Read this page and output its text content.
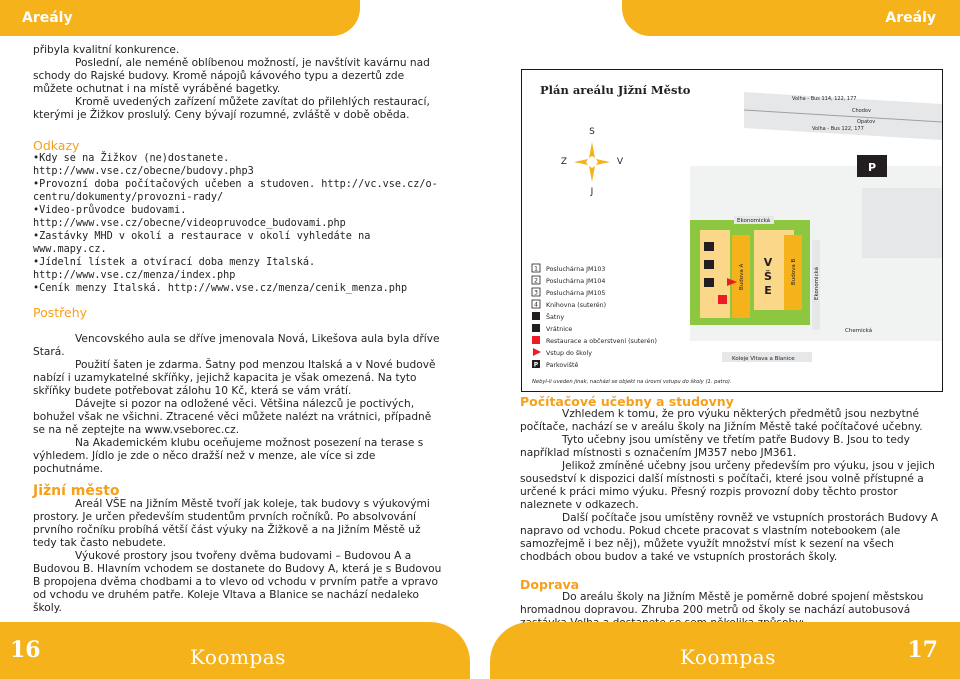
Areály	Areály

přibyla kvalitní konkurence.

Poslední, ale neméně oblíbenou možností, je navštívit kavárnu nad schody do Rajské budovy. Kromě nápojů kávového typu a dezertů zde můžete ochutnat i na místě vyráběné bagetky.

Kromě uvedených zařízení můžete zavítat do přilehlých restaurací, kterými je Žižkov proslulý. Ceny bývají rozumné, zvláště v době oběda.

Odkazy

•Kdy se na Žižkov (ne)dostanete. http://www.vse.cz/obecne/budovy.php3

•Provozní doba počítačových učeben a studoven. http://vc.vse.cz/o-centru/dokumenty/provozni-rady/

•Video-průvodce budovami. http://www.vse.cz/obecne/videopruvodce_budovami.php

•Zastávky MHD v okolí a restaurace v okolí vyhledáte na www.mapy.cz.

•Jídelní lístek a otvírací doba menzy Italská. http://www.vse.cz/menza/index.php

•Ceník menzy Italská. http://www.vse.cz/menza/cenik_menza.php

Postřehy

Vencovského aula se dříve jmenovala Nová, Likešova aula byla dříve Stará.

Použití šaten je zdarma. Šatny pod menzou Italská a v Nové budově nabízí i uzamykatelné skříňky, jejichž kapacita je však omezená. Na tyto skříňky budete potřebovat zálohu 10 Kč, která se vám vrátí.

Dávejte si pozor na odložené věci. Většina nálezců je poctivých, bohužel však ne všichni. Ztracené věci můžete nalézt na vrátnici, případně se na ně zeptejte na www.vseborec.cz.

Na Akademickém klubu oceňujeme možnost posezení na terase s výhledem. Jídlo je zde o něco dražší než v menze, ale více si zde pochutnáme.

Jižní město

Areál VŠE na Jižním Městě tvoří jak koleje, tak budovy s výukovými prostory. Je určen především studentům prvních ročníků. Po absolvování prvního ročníku probíhá větší část výuky na Žižkově a na Jižním Městě už tedy tak často nebudete.

Výukové prostory jsou tvořeny dvěma budovami – Budovou A a Budovou B. Hlavním vchodem se dostanete do Budovy A, která je s Budovou B propojena dvěma chodbami a to vlevo od vchodu v prvním patře a vpravo od vchodu ve druhém patře. Koleje Vltava a Blanice se nachází nedaleko školy.

Plán areálu Jižní Město
Volha - Bus 114, 122, 177
Chodov
Opatov
Volha - Bus 122, 177
S
J
Z	V	P
Ekonomická
Ekonomická
Chemická
Koleje Vltava a Blanice
Budova A	Budova B
V
Š
E
1 Posluchárna JM103
2 Posluchárna JM104
3 Posluchárna JM105
4 Knihovna (suterén)
Šatny
Vrátnice
Restaurace a občerstvení (suterén)
Vstup do školy
P Parkoviště
Nebyl-li uveden jinak, nachází se objekt na úrovni vstupu do školy (1. patro).

Počítačové učebny a studovny

Vzhledem k tomu, že pro výuku některých předmětů jsou nezbytné počítače, nachází se v areálu školy na Jižním Městě také počítačové učebny.

Tyto učebny jsou umístěny ve třetím patře Budovy B. Jsou to tedy například místnosti s označením JM357 nebo JM361.

Jelikož zmíněné učebny jsou určeny především pro výuku, jsou v jejich sousedství k dispozici další místnosti s počítači, které jsou volně přístupné a určené k práci mimo výuku. Přesný rozpis provozní doby těchto prostor naleznete v odkazech.

Další počítače jsou umístěny rovněž ve vstupních prostorách Budovy A napravo od vchodu. Pokud chcete pracovat s vlastním notebookem (ale samozřejmě i bez něj), můžete využít množství míst k sezení na všech chodbách obou budov a také ve vstupních prostorách školy.

Doprava

Do areálu školy na Jižním Městě je poměrně dobré spojení městskou hromadnou dopravou. Zhruba 200 metrů od školy se nachází autobusová

16	Koompas	Koompas	17
